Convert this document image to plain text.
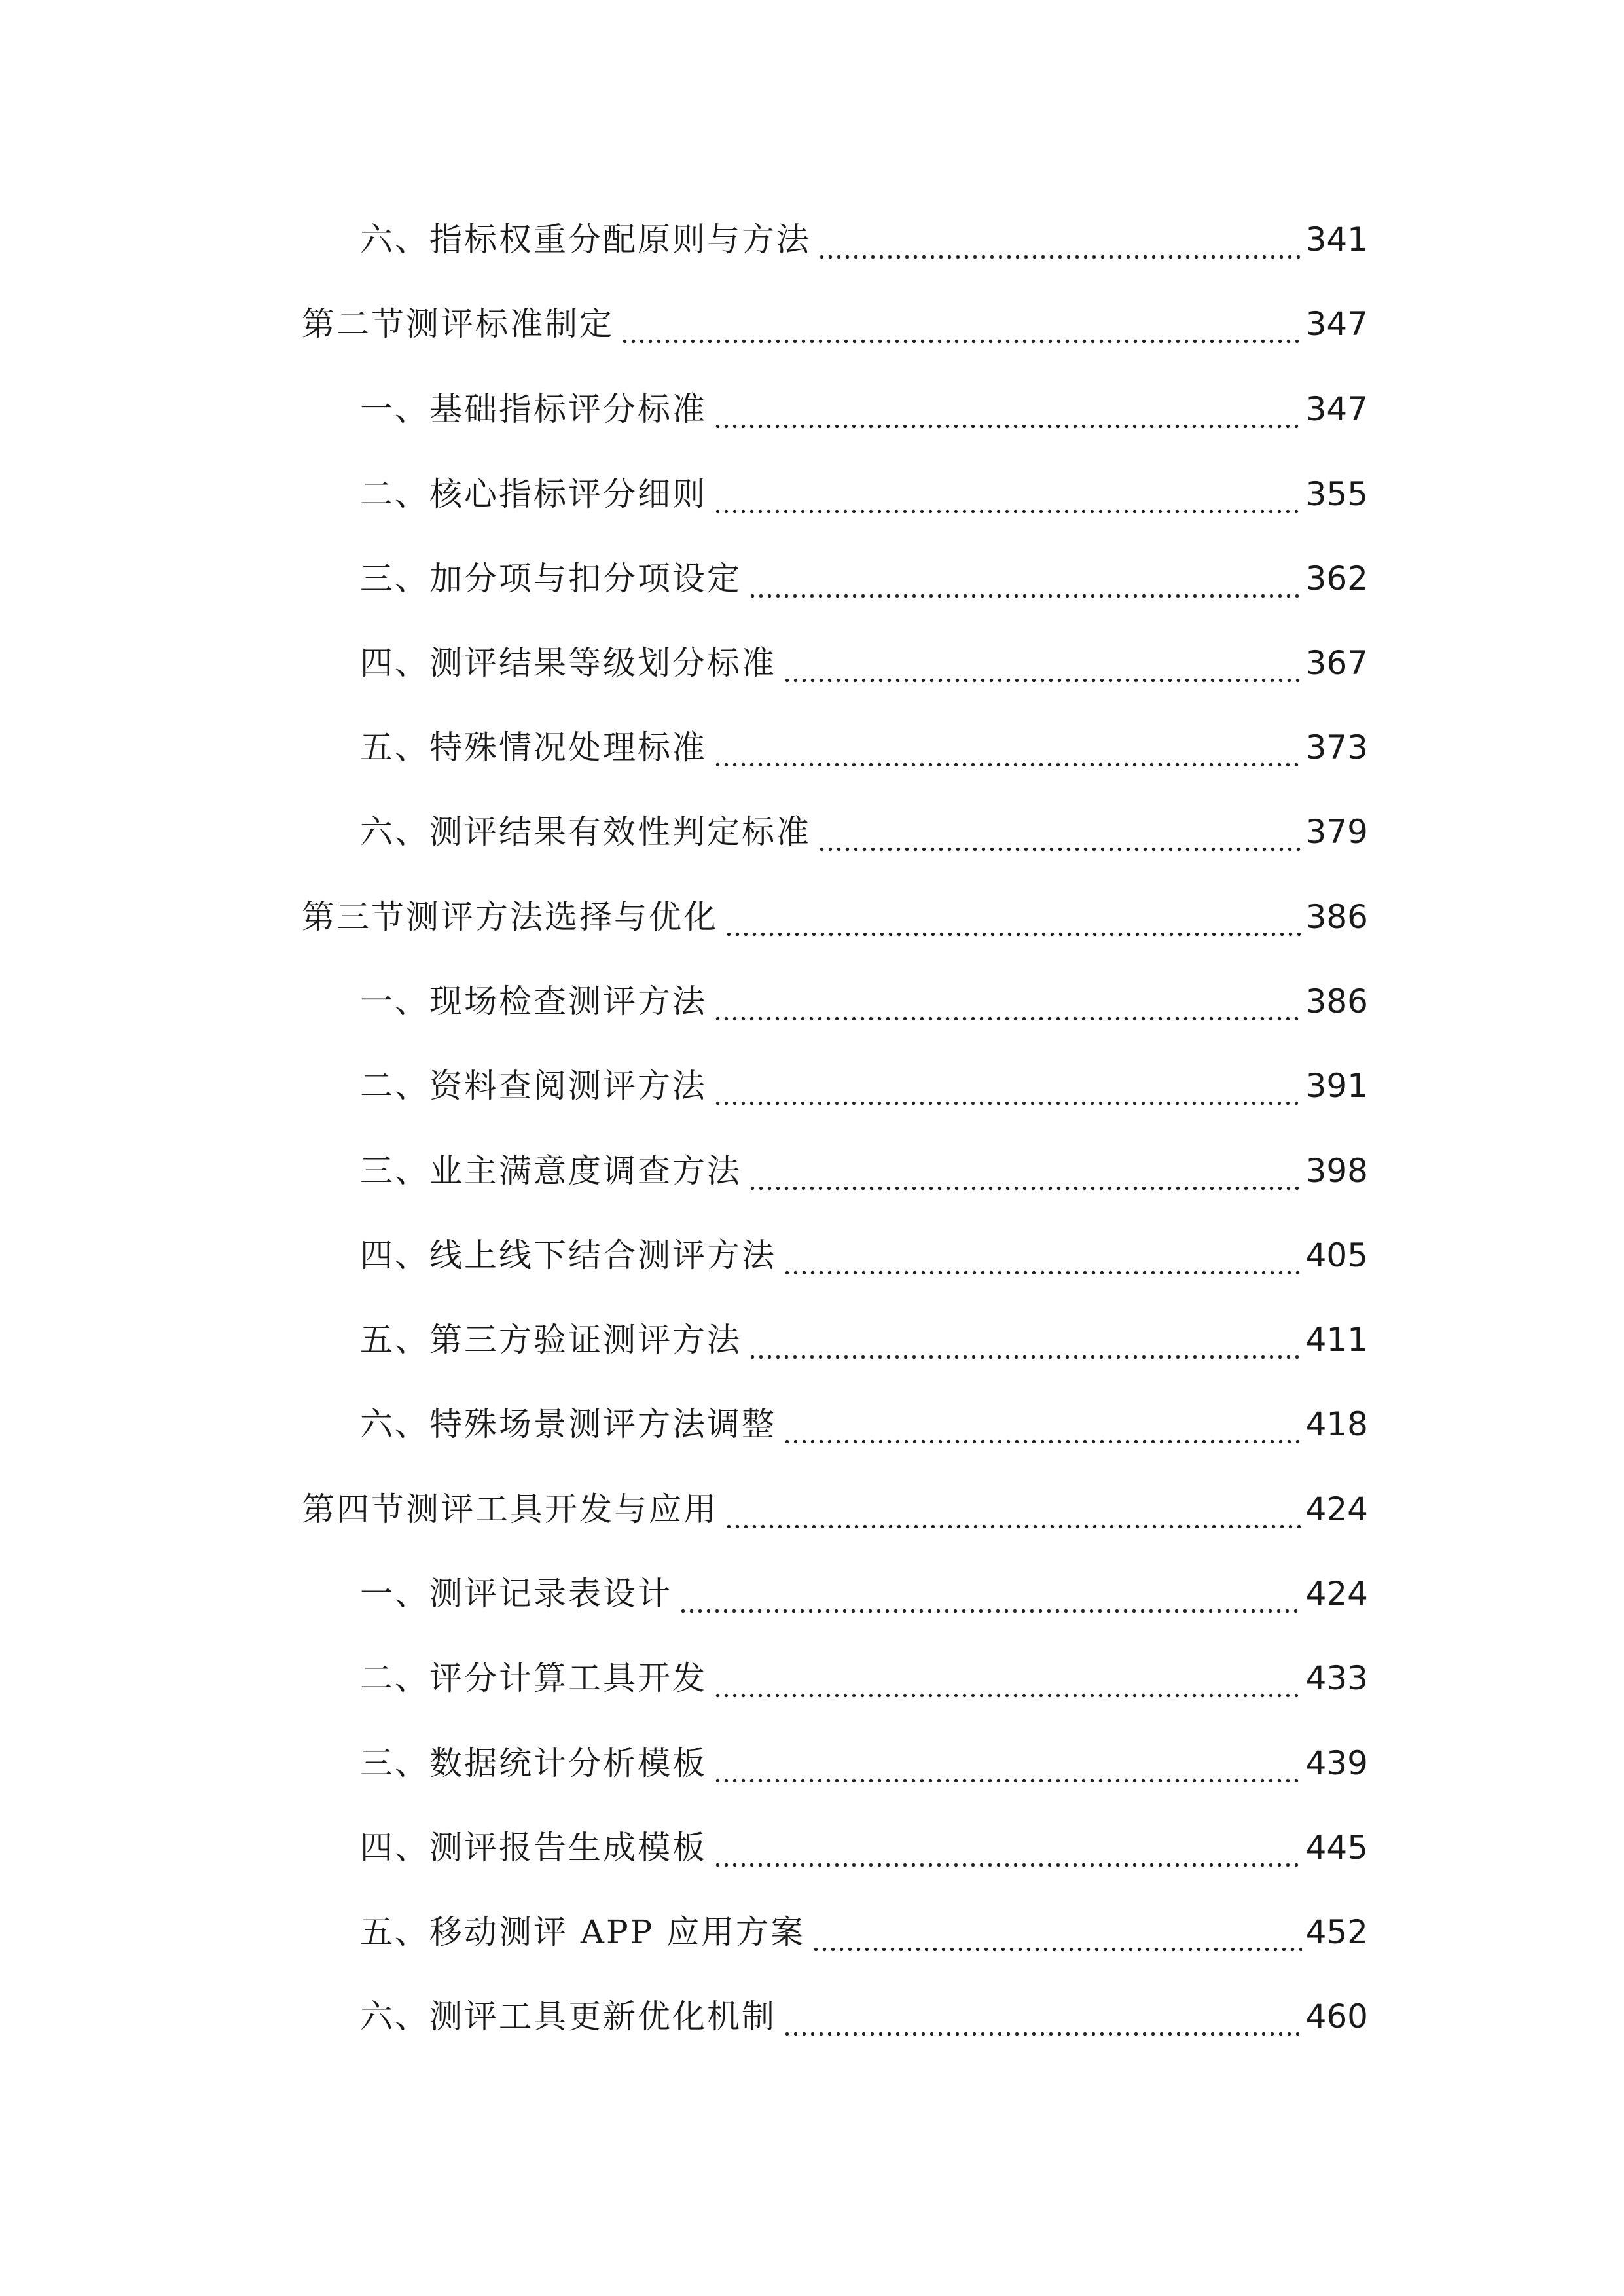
六、指标权重分配原则与方法	341
第二节测评标准制定	347
一、基础指标评分标准	347
二、核心指标评分细则	355
三、加分项与扣分项设定	362
四、测评结果等级划分标准	367
五、特殊情况处理标准	373
六、测评结果有效性判定标准	379
第三节测评方法选择与优化	386
一、现场检查测评方法	386
二、资料查阅测评方法	391
三、业主满意度调查方法	398
四、线上线下结合测评方法	405
五、第三方验证测评方法	411
六、特殊场景测评方法调整	418
第四节测评工具开发与应用	424
一、测评记录表设计	424
二、评分计算工具开发	433
三、数据统计分析模板	439
四、测评报告生成模板	445
五、移动测评 APP 应用方案	452
六、测评工具更新优化机制	460
